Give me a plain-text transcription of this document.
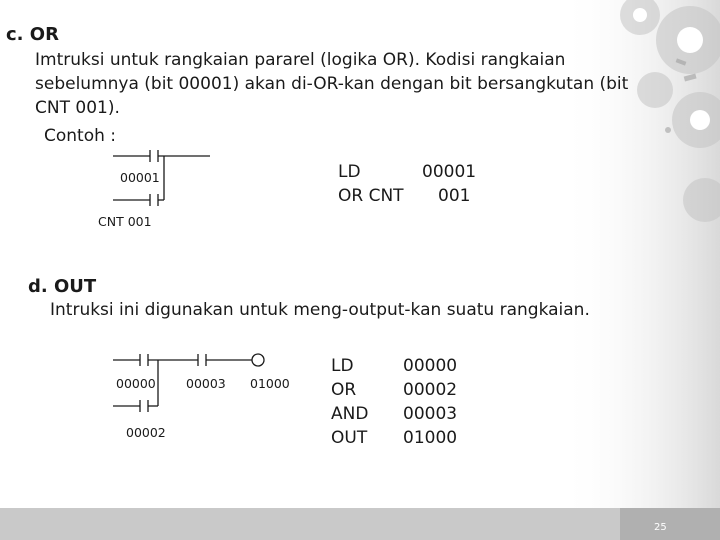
c. OR
Imtruksi untuk rangkaian pararel (logika OR). Kodisi rangkaian
sebelumnya (bit 00001) akan di-OR-kan dengan bit bersangkutan (bit
CNT 001).
Contoh :
00001
CNT 001
LD	00001
OR CNT 001
d. OUT
Intruksi ini digunakan untuk meng-output-kan suatu rangkaian.
00000 00003 01000
00002
LD	00000
OR	00002
AND 00003
OUT 01000
25
